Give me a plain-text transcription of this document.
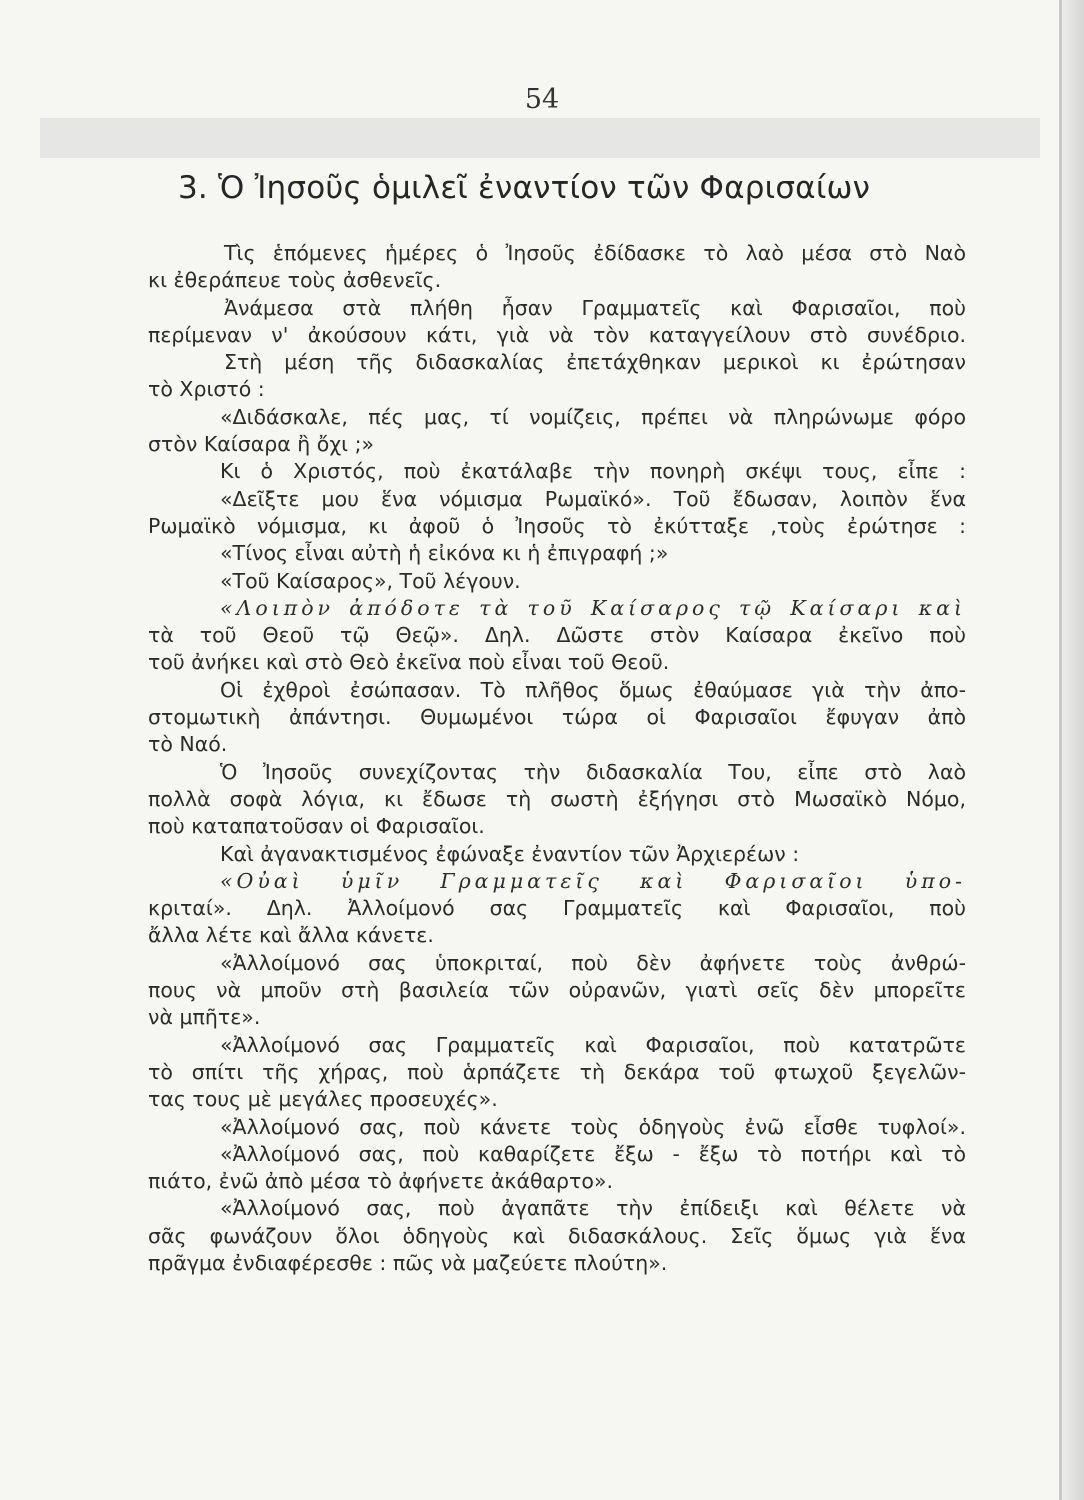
54
3. Ὁ Ἰησοῦς ὁμιλεῖ ἐναντίον τῶν Φαρισαίων
Τὶς ἑπόμενες ἡμέρες ὁ Ἰησοῦς ἐδίδασκε τὸ λαὸ μέσα στὸ Ναὸ
κι ἐθεράπευε τοὺς ἀσθενεῖς.
Ἀνάμεσα στὰ πλήθη ἦσαν Γραμματεῖς καὶ Φαρισαῖοι, ποὺ
περίμεναν ν' ἀκούσουν κάτι, γιὰ νὰ τὸν καταγγείλουν στὸ συνέδριο.
Στὴ μέση τῆς διδασκαλίας ἐπετάχθηκαν μερικοὶ κι ἐρώτησαν
τὸ Χριστό :
«Διδάσκαλε, πές μας, τί νομίζεις, πρέπει νὰ πληρώνωμε φόρο
στὸν Καίσαρα ἢ ὄχι ;»
Κι ὁ Χριστός, ποὺ ἐκατάλαβε τὴν πονηρὴ σκέψι τους, εἶπε :
«Δεῖξτε μου ἕνα νόμισμα Ρωμαϊκό». Τοῦ ἔδωσαν, λοιπὸν ἕνα
Ρωμαϊκὸ νόμισμα, κι ἀφοῦ ὁ Ἰησοῦς τὸ ἐκύτταξε ,τοὺς ἐρώτησε :
«Τίνος εἶναι αὐτὴ ἡ εἰκόνα κι ἡ ἐπιγραφή ;»
«Τοῦ Καίσαρος», Τοῦ λέγουν.
«Λοιπὸν ἀπόδοτε τὰ τοῦ Καίσαρος τῷ Καίσαρι καὶ
τὰ τοῦ Θεοῦ τῷ Θεῷ». Δηλ. Δῶστε στὸν Καίσαρα ἐκεῖνο ποὺ
τοῦ ἀνήκει καὶ στὸ Θεὸ ἐκεῖνα ποὺ εἶναι τοῦ Θεοῦ.
Οἱ ἐχθροὶ ἐσώπασαν. Τὸ πλῆθος ὅμως ἐθαύμασε γιὰ τὴν ἀπο-
στομωτικὴ ἀπάντησι. Θυμωμένοι τώρα οἱ Φαρισαῖοι ἔφυγαν ἀπὸ
τὸ Ναό.
Ὁ Ἰησοῦς συνεχίζοντας τὴν διδασκαλία Του, εἶπε στὸ λαὸ
πολλὰ σοφὰ λόγια, κι ἔδωσε τὴ σωστὴ ἐξήγησι στὸ Μωσαϊκὸ Νόμο,
ποὺ καταπατοῦσαν οἱ Φαρισαῖοι.
Καὶ ἀγανακτισμένος ἐφώναξε ἐναντίον τῶν Ἀρχιερέων :
«Οὐαὶ ὑμῖν Γραμματεῖς καὶ Φαρισαῖοι ὑπο-
κριταί». Δηλ. Ἀλλοίμονό σας Γραμματεῖς καὶ Φαρισαῖοι, ποὺ
ἄλλα λέτε καὶ ἄλλα κάνετε.
«Ἀλλοίμονό σας ὑποκριταί, ποὺ δὲν ἀφήνετε τοὺς ἀνθρώ-
πους νὰ μποῦν στὴ βασιλεία τῶν οὐρανῶν, γιατὶ σεῖς δὲν μπορεῖτε
νὰ μπῆτε».
«Ἀλλοίμονό σας Γραμματεῖς καὶ Φαρισαῖοι, ποὺ κατατρῶτε
τὸ σπίτι τῆς χήρας, ποὺ ἁρπάζετε τὴ δεκάρα τοῦ φτωχοῦ ξεγελῶν-
τας τους μὲ μεγάλες προσευχές».
«Ἀλλοίμονό σας, ποὺ κάνετε τοὺς ὁδηγοὺς ἐνῶ εἶσθε τυφλοί».
«Ἀλλοίμονό σας, ποὺ καθαρίζετε ἔξω - ἔξω τὸ ποτήρι καὶ τὸ
πιάτο, ἐνῶ ἀπὸ μέσα τὸ ἀφήνετε ἀκάθαρτο».
«Ἀλλοίμονό σας, ποὺ ἀγαπᾶτε τὴν ἐπίδειξι καὶ θέλετε νὰ
σᾶς φωνάζουν ὅλοι ὁδηγοὺς καὶ διδασκάλους. Σεῖς ὅμως γιὰ ἕνα
πρᾶγμα ἐνδιαφέρεσθε : πῶς νὰ μαζεύετε πλούτη».
